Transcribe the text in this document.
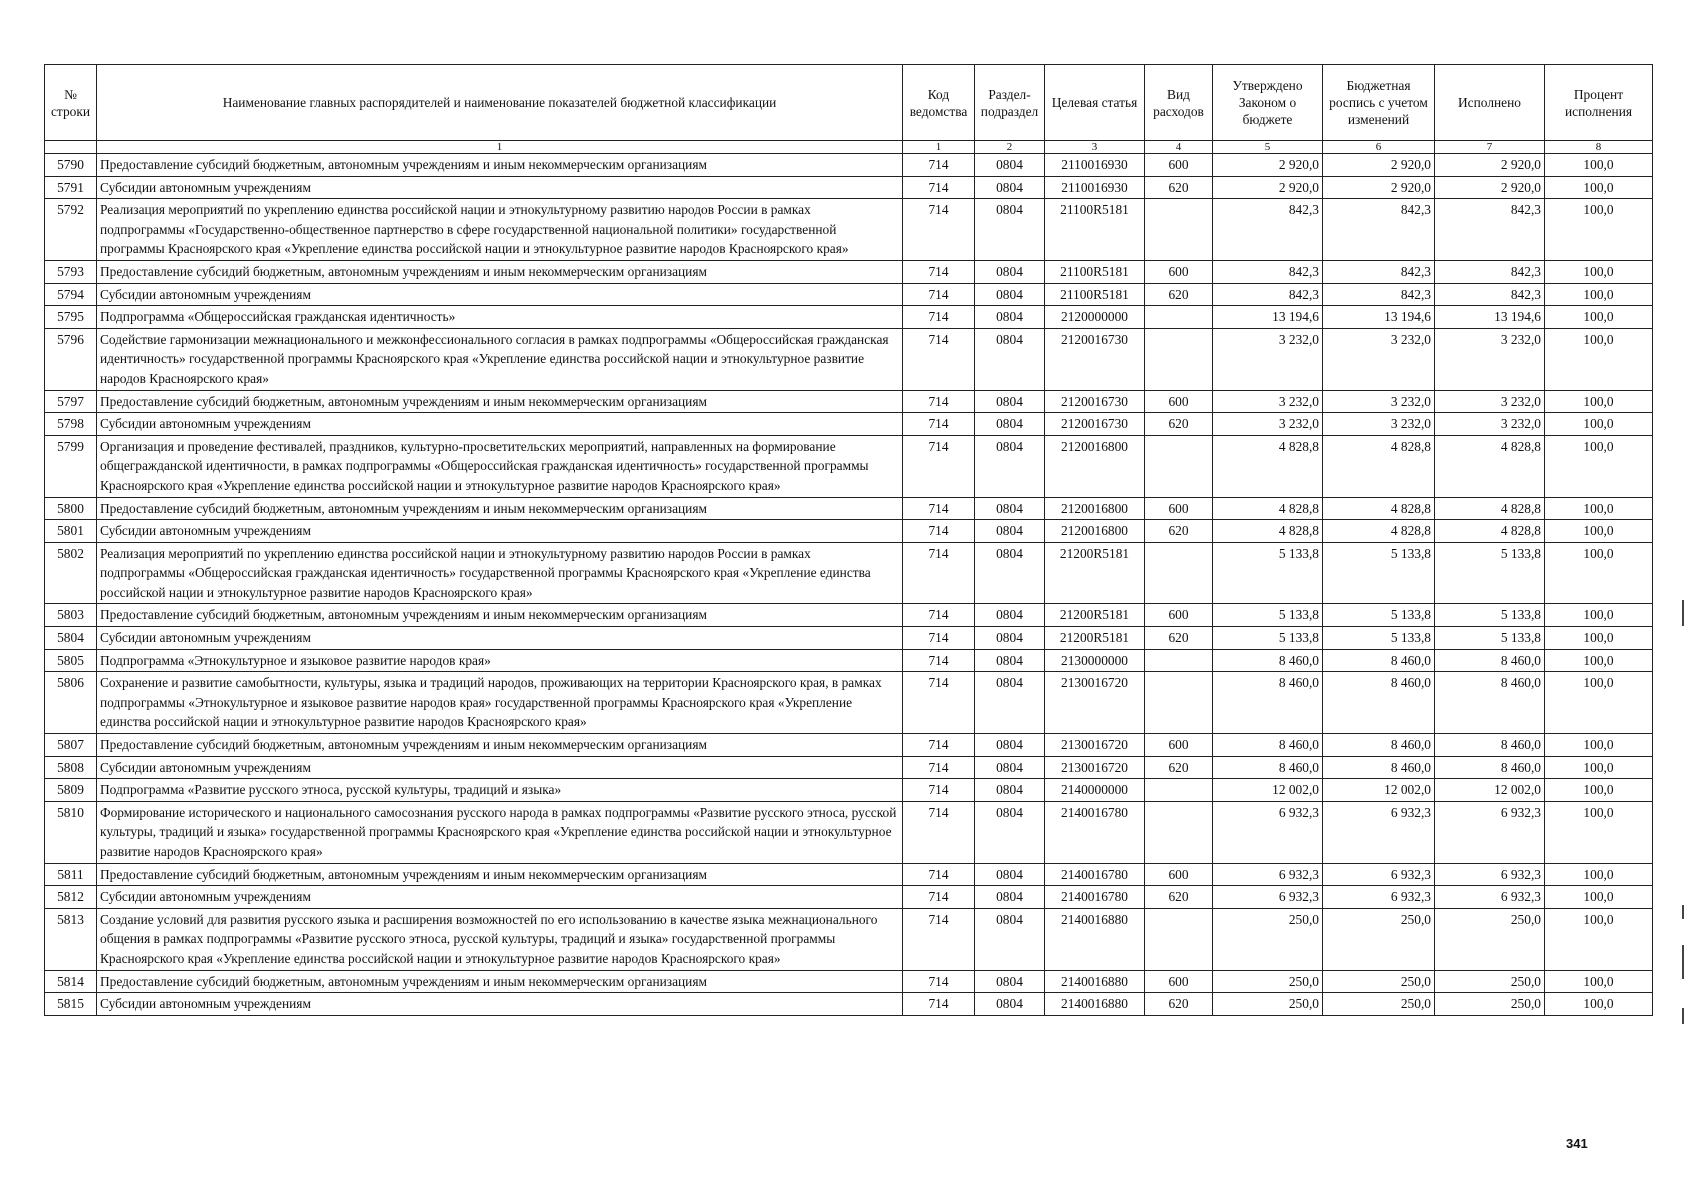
№ строки	Наименование главных распорядителей и наименование показателей бюджетной классификации	Код ведомства	Раздел-подраздел	Целевая статья	Вид расходов	Утверждено Законом о бюджете	Бюджетная роспись с учетом изменений	Исполнено	Процент исполнения
	1	1	2	3	4	5	6	7	8
5790	Предоставление субсидий бюджетным, автономным учреждениям и иным некоммерческим организациям	714	0804	2110016930	600	2 920,0	2 920,0	2 920,0	100,0
5791	Субсидии автономным учреждениям	714	0804	2110016930	620	2 920,0	2 920,0	2 920,0	100,0
5792	Реализация мероприятий по укреплению единства российской нации и этнокультурному развитию народов России в рамках подпрограммы «Государственно-общественное партнерство в сфере государственной национальной политики» государственной программы Красноярского края «Укрепление единства российской нации и этнокультурное развитие народов Красноярского края»	714	0804	21100R5181		842,3	842,3	842,3	100,0
5793	Предоставление субсидий бюджетным, автономным учреждениям и иным некоммерческим организациям	714	0804	21100R5181	600	842,3	842,3	842,3	100,0
5794	Субсидии автономным учреждениям	714	0804	21100R5181	620	842,3	842,3	842,3	100,0
5795	Подпрограмма «Общероссийская гражданская идентичность»	714	0804	2120000000		13 194,6	13 194,6	13 194,6	100,0
5796	Содействие гармонизации межнационального и межконфессионального согласия в рамках подпрограммы «Общероссийская гражданская идентичность» государственной программы Красноярского края «Укрепление единства российской нации и этнокультурное развитие народов Красноярского края»	714	0804	2120016730		3 232,0	3 232,0	3 232,0	100,0
5797	Предоставление субсидий бюджетным, автономным учреждениям и иным некоммерческим организациям	714	0804	2120016730	600	3 232,0	3 232,0	3 232,0	100,0
5798	Субсидии автономным учреждениям	714	0804	2120016730	620	3 232,0	3 232,0	3 232,0	100,0
5799	Организация и проведение фестивалей, праздников, культурно-просветительских мероприятий, направленных на формирование общегражданской идентичности, в рамках подпрограммы «Общероссийская гражданская идентичность» государственной программы Красноярского края «Укрепление единства российской нации и этнокультурное развитие народов Красноярского края»	714	0804	2120016800		4 828,8	4 828,8	4 828,8	100,0
5800	Предоставление субсидий бюджетным, автономным учреждениям и иным некоммерческим организациям	714	0804	2120016800	600	4 828,8	4 828,8	4 828,8	100,0
5801	Субсидии автономным учреждениям	714	0804	2120016800	620	4 828,8	4 828,8	4 828,8	100,0
5802	Реализация мероприятий по укреплению единства российской нации и этнокультурному развитию народов России в рамках подпрограммы «Общероссийская гражданская идентичность» государственной программы Красноярского края «Укрепление единства российской нации и этнокультурное развитие народов Красноярского края»	714	0804	21200R5181		5 133,8	5 133,8	5 133,8	100,0
5803	Предоставление субсидий бюджетным, автономным учреждениям и иным некоммерческим организациям	714	0804	21200R5181	600	5 133,8	5 133,8	5 133,8	100,0
5804	Субсидии автономным учреждениям	714	0804	21200R5181	620	5 133,8	5 133,8	5 133,8	100,0
5805	Подпрограмма «Этнокультурное и языковое развитие народов края»	714	0804	2130000000		8 460,0	8 460,0	8 460,0	100,0
5806	Сохранение и развитие самобытности, культуры, языка и традиций народов, проживающих на территории Красноярского края, в рамках подпрограммы «Этнокультурное и языковое развитие народов края» государственной программы Красноярского края «Укрепление единства российской нации и этнокультурное развитие народов Красноярского края»	714	0804	2130016720		8 460,0	8 460,0	8 460,0	100,0
5807	Предоставление субсидий бюджетным, автономным учреждениям и иным некоммерческим организациям	714	0804	2130016720	600	8 460,0	8 460,0	8 460,0	100,0
5808	Субсидии автономным учреждениям	714	0804	2130016720	620	8 460,0	8 460,0	8 460,0	100,0
5809	Подпрограмма «Развитие русского этноса, русской культуры, традиций и языка»	714	0804	2140000000		12 002,0	12 002,0	12 002,0	100,0
5810	Формирование исторического и национального самосознания русского народа в рамках подпрограммы «Развитие русского этноса, русской культуры, традиций и языка» государственной программы Красноярского края «Укрепление единства российской нации и этнокультурное развитие народов Красноярского края»	714	0804	2140016780		6 932,3	6 932,3	6 932,3	100,0
5811	Предоставление субсидий бюджетным, автономным учреждениям и иным некоммерческим организациям	714	0804	2140016780	600	6 932,3	6 932,3	6 932,3	100,0
5812	Субсидии автономным учреждениям	714	0804	2140016780	620	6 932,3	6 932,3	6 932,3	100,0
5813	Создание условий для развития русского языка и расширения возможностей по его использованию в качестве языка межнационального общения в рамках подпрограммы «Развитие русского этноса, русской культуры, традиций и языка» государственной программы Красноярского края «Укрепление единства российской нации и этнокультурное развитие народов Красноярского края»	714	0804	2140016880		250,0	250,0	250,0	100,0
5814	Предоставление субсидий бюджетным, автономным учреждениям и иным некоммерческим организациям	714	0804	2140016880	600	250,0	250,0	250,0	100,0
5815	Субсидии автономным учреждениям	714	0804	2140016880	620	250,0	250,0	250,0	100,0
341
